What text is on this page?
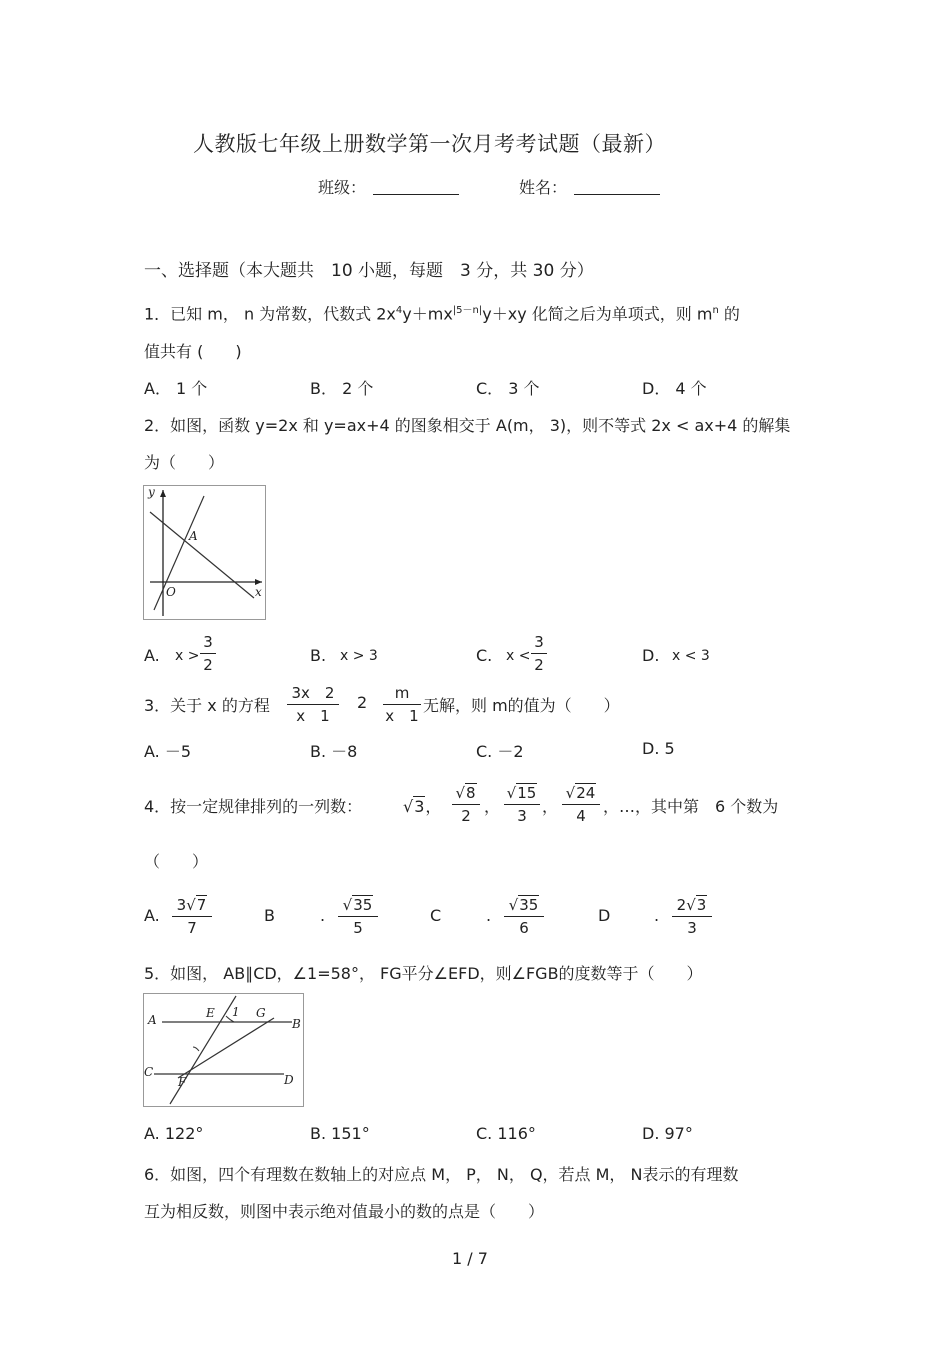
人教版七年级上册数学第一次月考考试题（最新）
班级：	姓名：
一、选择题（本大题共　10 小题，每题　3 分，共 30 分）
1．已知 m， n 为常数，代数式 $2x^4y+mx^{|5-n|}y+xy$ 化简之后为单项式，则 $m^n$ 的
值共有 (　　)
A． 1 个	B． 2 个	C． 3 个	D． 4 个
2．如图，函数 y=2x 和 y=ax+4 的图象相交于 A(m， 3)，则不等式 2x < ax+4 的解集
为（　　）
y
x
O
A
A. x >
3
2	B. x > 3	C. x <
3
2	D. x < 3
3．关于 x 的方程
3x　2
x　1
2	m
x　1
无解，则 m的值为（　　）
A. －5	B. －8	C. －2	D. 5
4．按一定规律排列的一列数：	√3，
√8
2 ，
√15
3 ，
√24
4	，…，其中第　6 个数为
（　　）
A.
3√7
7
B	.
√35
5
C	.
√35
6
D	.
2√3
3
5．如图， AB∥CD，∠1=58°， FG平分∠EFD，则∠FGB的度数等于（　　）
A	B
C
D
E
F
G
1
A. 122°	B. 151°	C. 116°	D. 97°
6．如图，四个有理数在数轴上的对应点 M， P， N， Q，若点 M， N表示的有理数
互为相反数，则图中表示绝对值最小的数的点是（　　）
1 / 7
